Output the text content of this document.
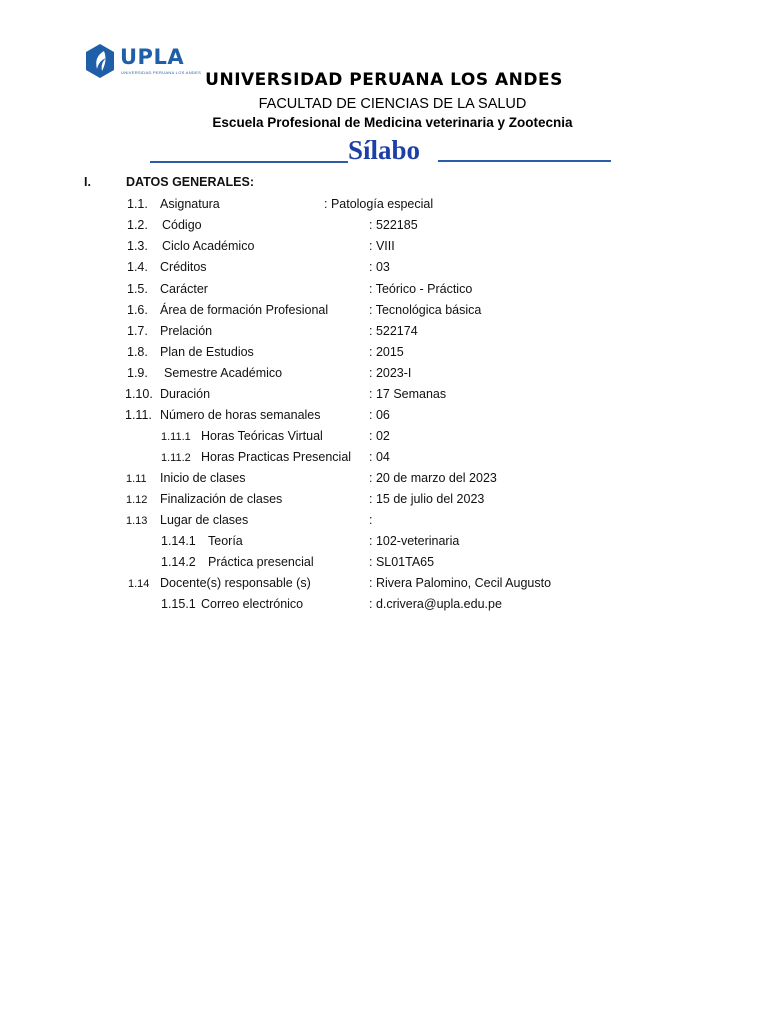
UPLA
UNIVERSIDAD PERUANA LOS ANDES UNIVERSIDAD PERUANA LOS ANDES
FACULTAD DE CIENCIAS DE LA SALUD
Escuela Profesional de Medicina veterinaria y Zootecnia
Sílabo
I.	DATOS GENERALES:
1.1. Asignatura	: Patología especial
1.2. Código	: 522185
1.3. Ciclo Académico	: VIII
1.4. Créditos	: 03
1.5. Carácter	: Teórico - Práctico
1.6. Área de formación Profesional	: Tecnológica básica
1.7. Prelación	: 522174
1.8. Plan de Estudios	: 2015
1.9. Semestre Académico	: 2023-I
1.10. Duración	: 17 Semanas
1.11. Número de horas semanales	: 06
1.11.1 Horas Teóricas Virtual	: 02
1.11.2 Horas Practicas Presencial : 04
1.11 Inicio de clases	: 20 de marzo del 2023
1.12 Finalización de clases	: 15 de julio del 2023
1.13 Lugar de clases	:
1.14.1 Teoría	: 102-veterinaria
1.14.2 Práctica presencial	: SL01TA65
1.14 Docente(s) responsable (s)	: Rivera Palomino, Cecil Augusto
1.15.1 Correo electrónico	: d.crivera@upla.edu.pe
